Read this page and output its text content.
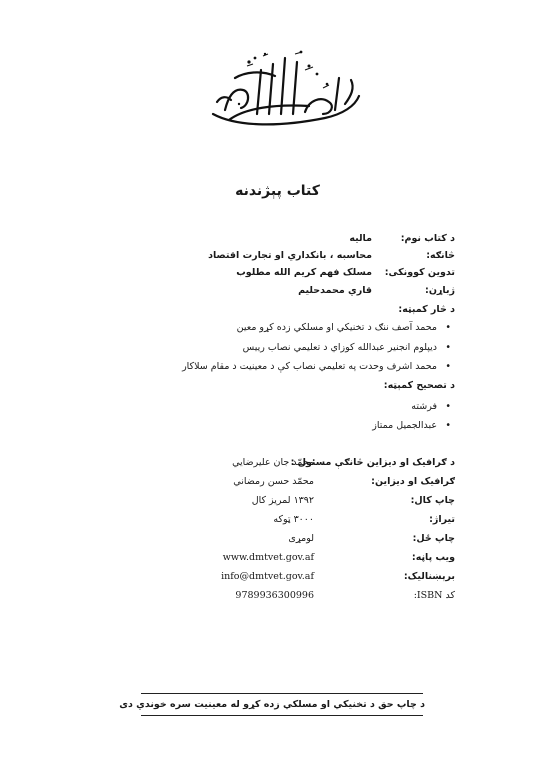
کتاب پېژندنه
د کتاب نوم:
مالیه
څانګه:
محاسبه ، بانکداري او تجارت اقتصاد
تدوین کوونکی:
مسلک فهم کریم الله مطلوب
ژباړن:
قاري محمدحلیم
د څار کمېټه:
• محمد آصف ننګ د تخنیکي او مسلکي زده کړو معین
• دیپلوم انجنیر عبدالله کوزاي د تعلیمي نصاب رییس
• محمد اشرف وحدت په تعلیمي نصاب کې د معینیت د مقام سلاکار
د تصحیح کمېټه:
• فرشته
• عبدالجمیل ممتاز
د ګرافیک او دیزاین څانګې مسئول :
محمّد جان علیرضایي
ګرافیک او دیزاین:
محمّد حسن رمضاني
چاپ کال:
۱۳۹۲ لمریز کال
تیراژ:
۳۰۰۰ ټوکه
چاپ ځل:
لومړی
ویب پاڼه:
www.dmtvet.gov.af
برېښنالیک:
info@dmtvet.gov.af
کد ISBN:
9789936300996
د چاپ حق د تخنیکي او مسلکي زده کړو له معینیت سره خوندي دی
